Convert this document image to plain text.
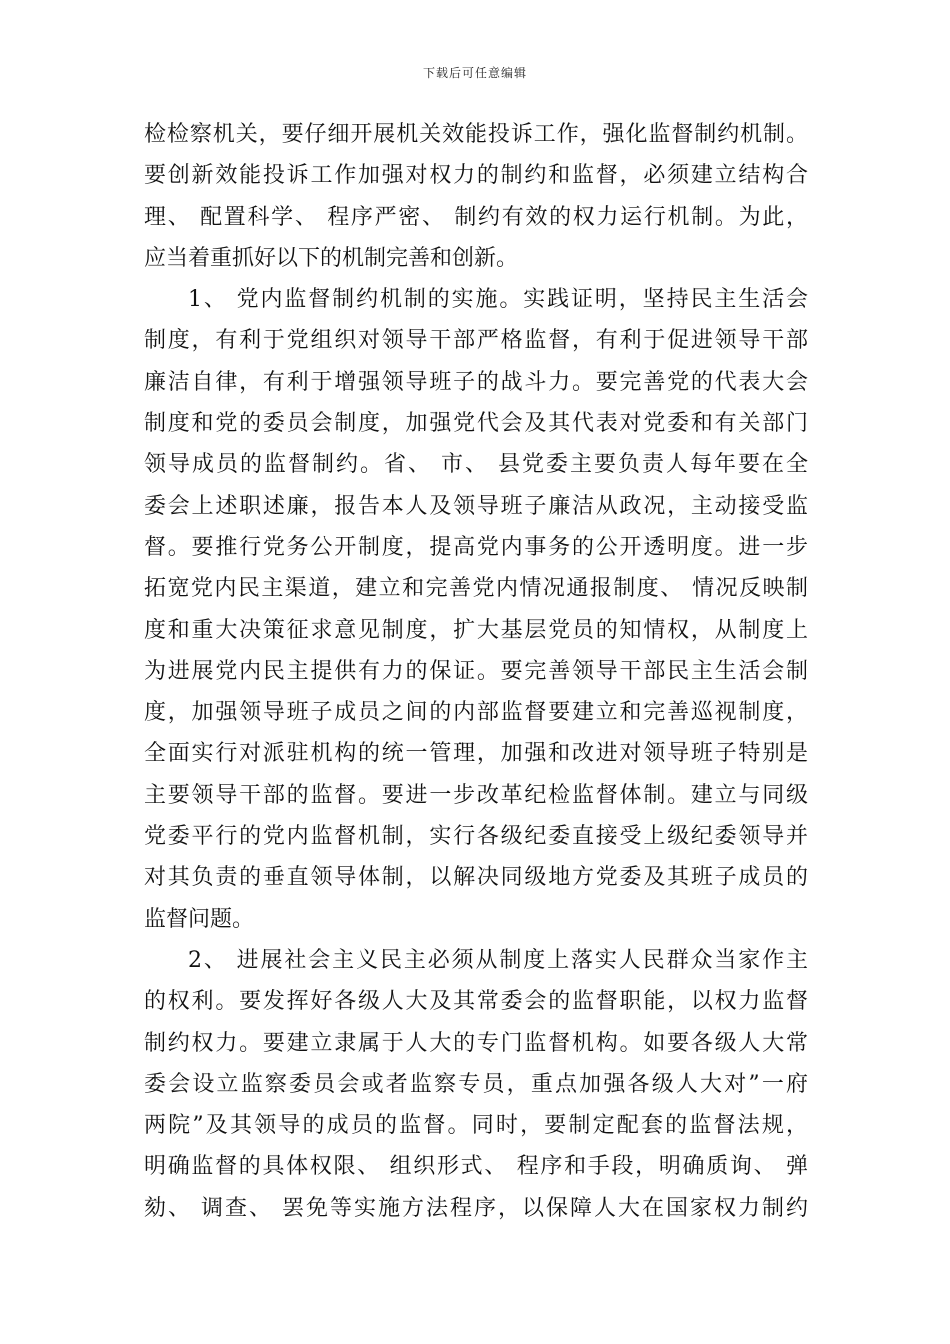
下载后可任意编辑
检检察机关，要仔细开展机关效能投诉工作，强化监督制约机制。
要创新效能投诉工作加强对权力的制约和监督，必须建立结构合
理、 配置科学、 程序严密、 制约有效的权力运行机制。为此，
应当着重抓好以下的机制完善和创新。
1、 党内监督制约机制的实施。实践证明，坚持民主生活会
制度，有利于党组织对领导干部严格监督，有利于促进领导干部
廉洁自律，有利于增强领导班子的战斗力。要完善党的代表大会
制度和党的委员会制度，加强党代会及其代表对党委和有关部门
领导成员的监督制约。省、 市、 县党委主要负责人每年要在全
委会上述职述廉，报告本人及领导班子廉洁从政况，主动接受监
督。要推行党务公开制度，提高党内事务的公开透明度。进一步
拓宽党内民主渠道，建立和完善党内情况通报制度、 情况反映制
度和重大决策征求意见制度，扩大基层党员的知情权，从制度上
为进展党内民主提供有力的保证。要完善领导干部民主生活会制
度，加强领导班子成员之间的内部监督要建立和完善巡视制度，
全面实行对派驻机构的统一管理，加强和改进对领导班子特别是
主要领导干部的监督。要进一步改革纪检监督体制。建立与同级
党委平行的党内监督机制，实行各级纪委直接受上级纪委领导并
对其负责的垂直领导体制，以解决同级地方党委及其班子成员的
监督问题。
2、 进展社会主义民主必须从制度上落实人民群众当家作主
的权利。要发挥好各级人大及其常委会的监督职能，以权力监督
制约权力。要建立隶属于人大的专门监督机构。如要各级人大常
委会设立监察委员会或者监察专员，重点加强各级人大对”一府
两院”及其领导的成员的监督。同时，要制定配套的监督法规，
明确监督的具体权限、 组织形式、 程序和手段，明确质询、 弹
劾、 调查、 罢免等实施方法程序，以保障人大在国家权力制约
